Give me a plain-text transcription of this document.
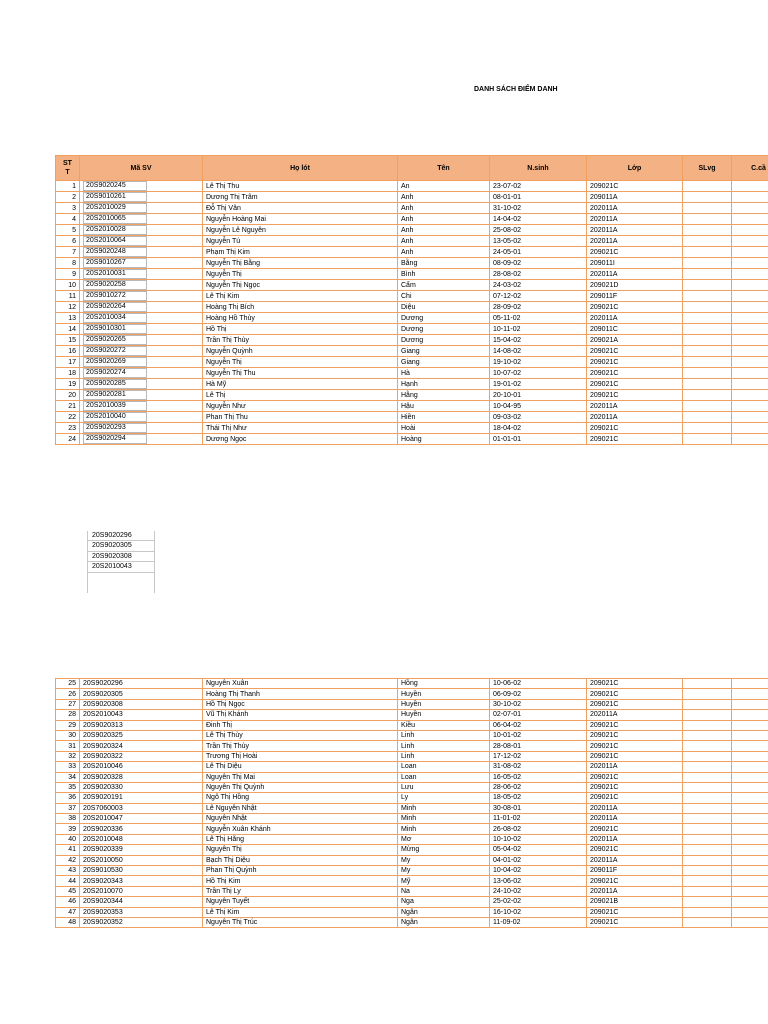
DANH SÁCH ĐIỂM DANH
ST
T	Mã SV	Họ lót	Tên	N.sinh	Lớp	SLvg	C.cầ
1	20S9020245	Lê Thị Thu	An	23-07-02	209021C		
2	20S9010261	Dương Thị Trâm	Anh	08-01-01	209011A		
3	20S2010029	Đỗ Thị Vân	Anh	31-10-02	202011A		
4	20S2010065	Nguyễn Hoàng Mai	Anh	14-04-02	202011A		
5	20S2010028	Nguyễn Lê Nguyên	Anh	25-08-02	202011A		
6	20S2010064	Nguyễn Tú	Anh	13-05-02	202011A		
7	20S9020248	Phạm Thị Kim	Anh	24-05-01	209021C		
8	20S9010267	Nguyễn Thị Bằng	Bằng	08-09-02	209011I		
9	20S2010031	Nguyễn Thị	Bình	28-08-02	202011A		
10	20S9020258	Nguyễn Thị Ngọc	Cẩm	24-03-02	209021D		
11	20S9010272	Lê Thị Kim	Chi	07-12-02	209011F		
12	20S9020264	Hoàng Thị Bích	Diệu	28-09-02	209021C		
13	20S2010034	Hoàng Hồ Thùy	Dương	05-11-02	202011A		
14	20S9010301	Hồ Thị	Dương	10-11-02	209011C		
15	20S9020265	Trần Thị Thùy	Dương	15-04-02	209021A		
16	20S9020272	Nguyễn Quỳnh	Giang	14-08-02	209021C		
17	20S9020269	Nguyễn Thị	Giang	19-10-02	209021C		
18	20S9020274	Nguyễn Thị Thu	Hà	10-07-02	209021C		
19	20S9020285	Hà Mỹ	Hạnh	19-01-02	209021C		
20	20S9020281	Lê Thị	Hằng	20-10-01	209021C		
21	20S2010039	Nguyễn Như	Hậu	10-04-95	202011A		
22	20S2010040	Phan Thị Thu	Hiền	09-03-02	202011A		
23	20S9020293	Thái Thị Như	Hoài	18-04-02	209021C		
24	20S9020294	Dương Ngọc	Hoàng	01-01-01	209021C		
20S9020296
20S9020305
20S9020308
20S2010043
25	20S9020296	Nguyễn Xuân	Hồng	10-06-02	209021C		
26	20S9020305	Hoàng Thị Thanh	Huyền	06-09-02	209021C		
27	20S9020308	Hồ Thị Ngọc	Huyền	30-10-02	209021C		
28	20S2010043	Vũ Thị Khánh	Huyền	02-07-01	202011A		
29	20S9020313	Đinh Thị	Kiều	06-04-02	209021C		
30	20S9020325	Lê Thị Thùy	Linh	10-01-02	209021C		
31	20S9020324	Trần Thị Thùy	Linh	28-08-01	209021C		
32	20S9020322	Trương Thị Hoài	Linh	17-12-02	209021C		
33	20S2010046	Lê Thị Diệu	Loan	31-08-02	202011A		
34	20S9020328	Nguyễn Thị Mai	Loan	16-05-02	209021C		
35	20S9020330	Nguyễn Thị Quỳnh	Lưu	28-06-02	209021C		
36	20S9020191	Ngô Thị Hồng	Ly	18-05-02	209021C		
37	20S7060003	Lê Nguyễn Nhật	Minh	30-08-01	202011A		
38	20S2010047	Nguyễn Nhật	Minh	11-01-02	202011A		
39	20S9020336	Nguyễn Xuân Khánh	Minh	26-08-02	209021C		
40	20S2010048	Lê Thị Hằng	Mơ	10-10-02	202011A		
41	20S9020339	Nguyễn Thị	Mừng	05-04-02	209021C		
42	20S2010050	Bạch Thị Diệu	My	04-01-02	202011A		
43	20S9010530	Phan Thị Quỳnh	My	10-04-02	209011F		
44	20S9020343	Hồ Thị Kim	Mỹ	13-06-02	209021C		
45	20S2010070	Trần Thị Ly	Na	24-10-02	202011A		
46	20S9020344	Nguyễn Tuyết	Nga	25-02-02	209021B		
47	20S9020353	Lê Thị Kim	Ngân	16-10-02	209021C		
48	20S9020352	Nguyễn Thị Trúc	Ngân	11-09-02	209021C		
